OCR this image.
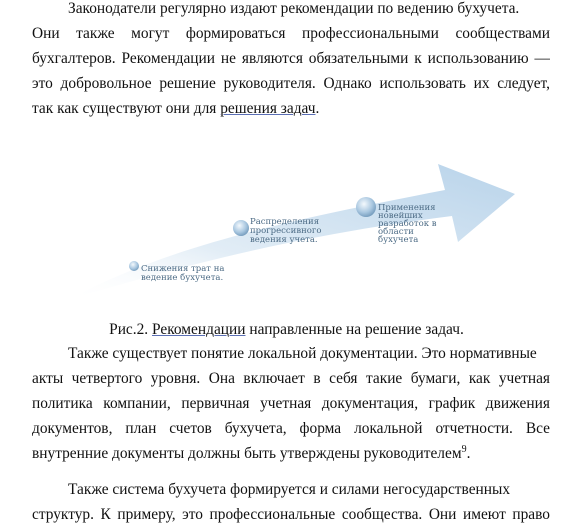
Законодатели регулярно издают рекомендации по ведению бухучета.
Они также могут формироваться профессиональными сообществами
бухгалтеров. Рекомендации не являются обязательными к использованию —
это добровольное решение руководителя. Однако использовать их следует,
так как существуют они для решения задач.
Снижения трат на ведение бухучета.
Распределения прогрессивного ведения учета.
Применения новейших разработок в области бухучета
Рис.2. Рекомендации направленные на решение задач.
Также существует понятие локальной документации. Это нормативные
акты четвертого уровня. Она включает в себя такие бумаги, как учетная
политика компании, первичная учетная документация, график движения
документов, план счетов бухучета, форма локальной отчетности. Все
внутренние документы должны быть утверждены руководителем$^9$.
Также система бухучета формируется и силами негосударственных
структур. К примеру, это профессиональные сообщества. Они имеют право
